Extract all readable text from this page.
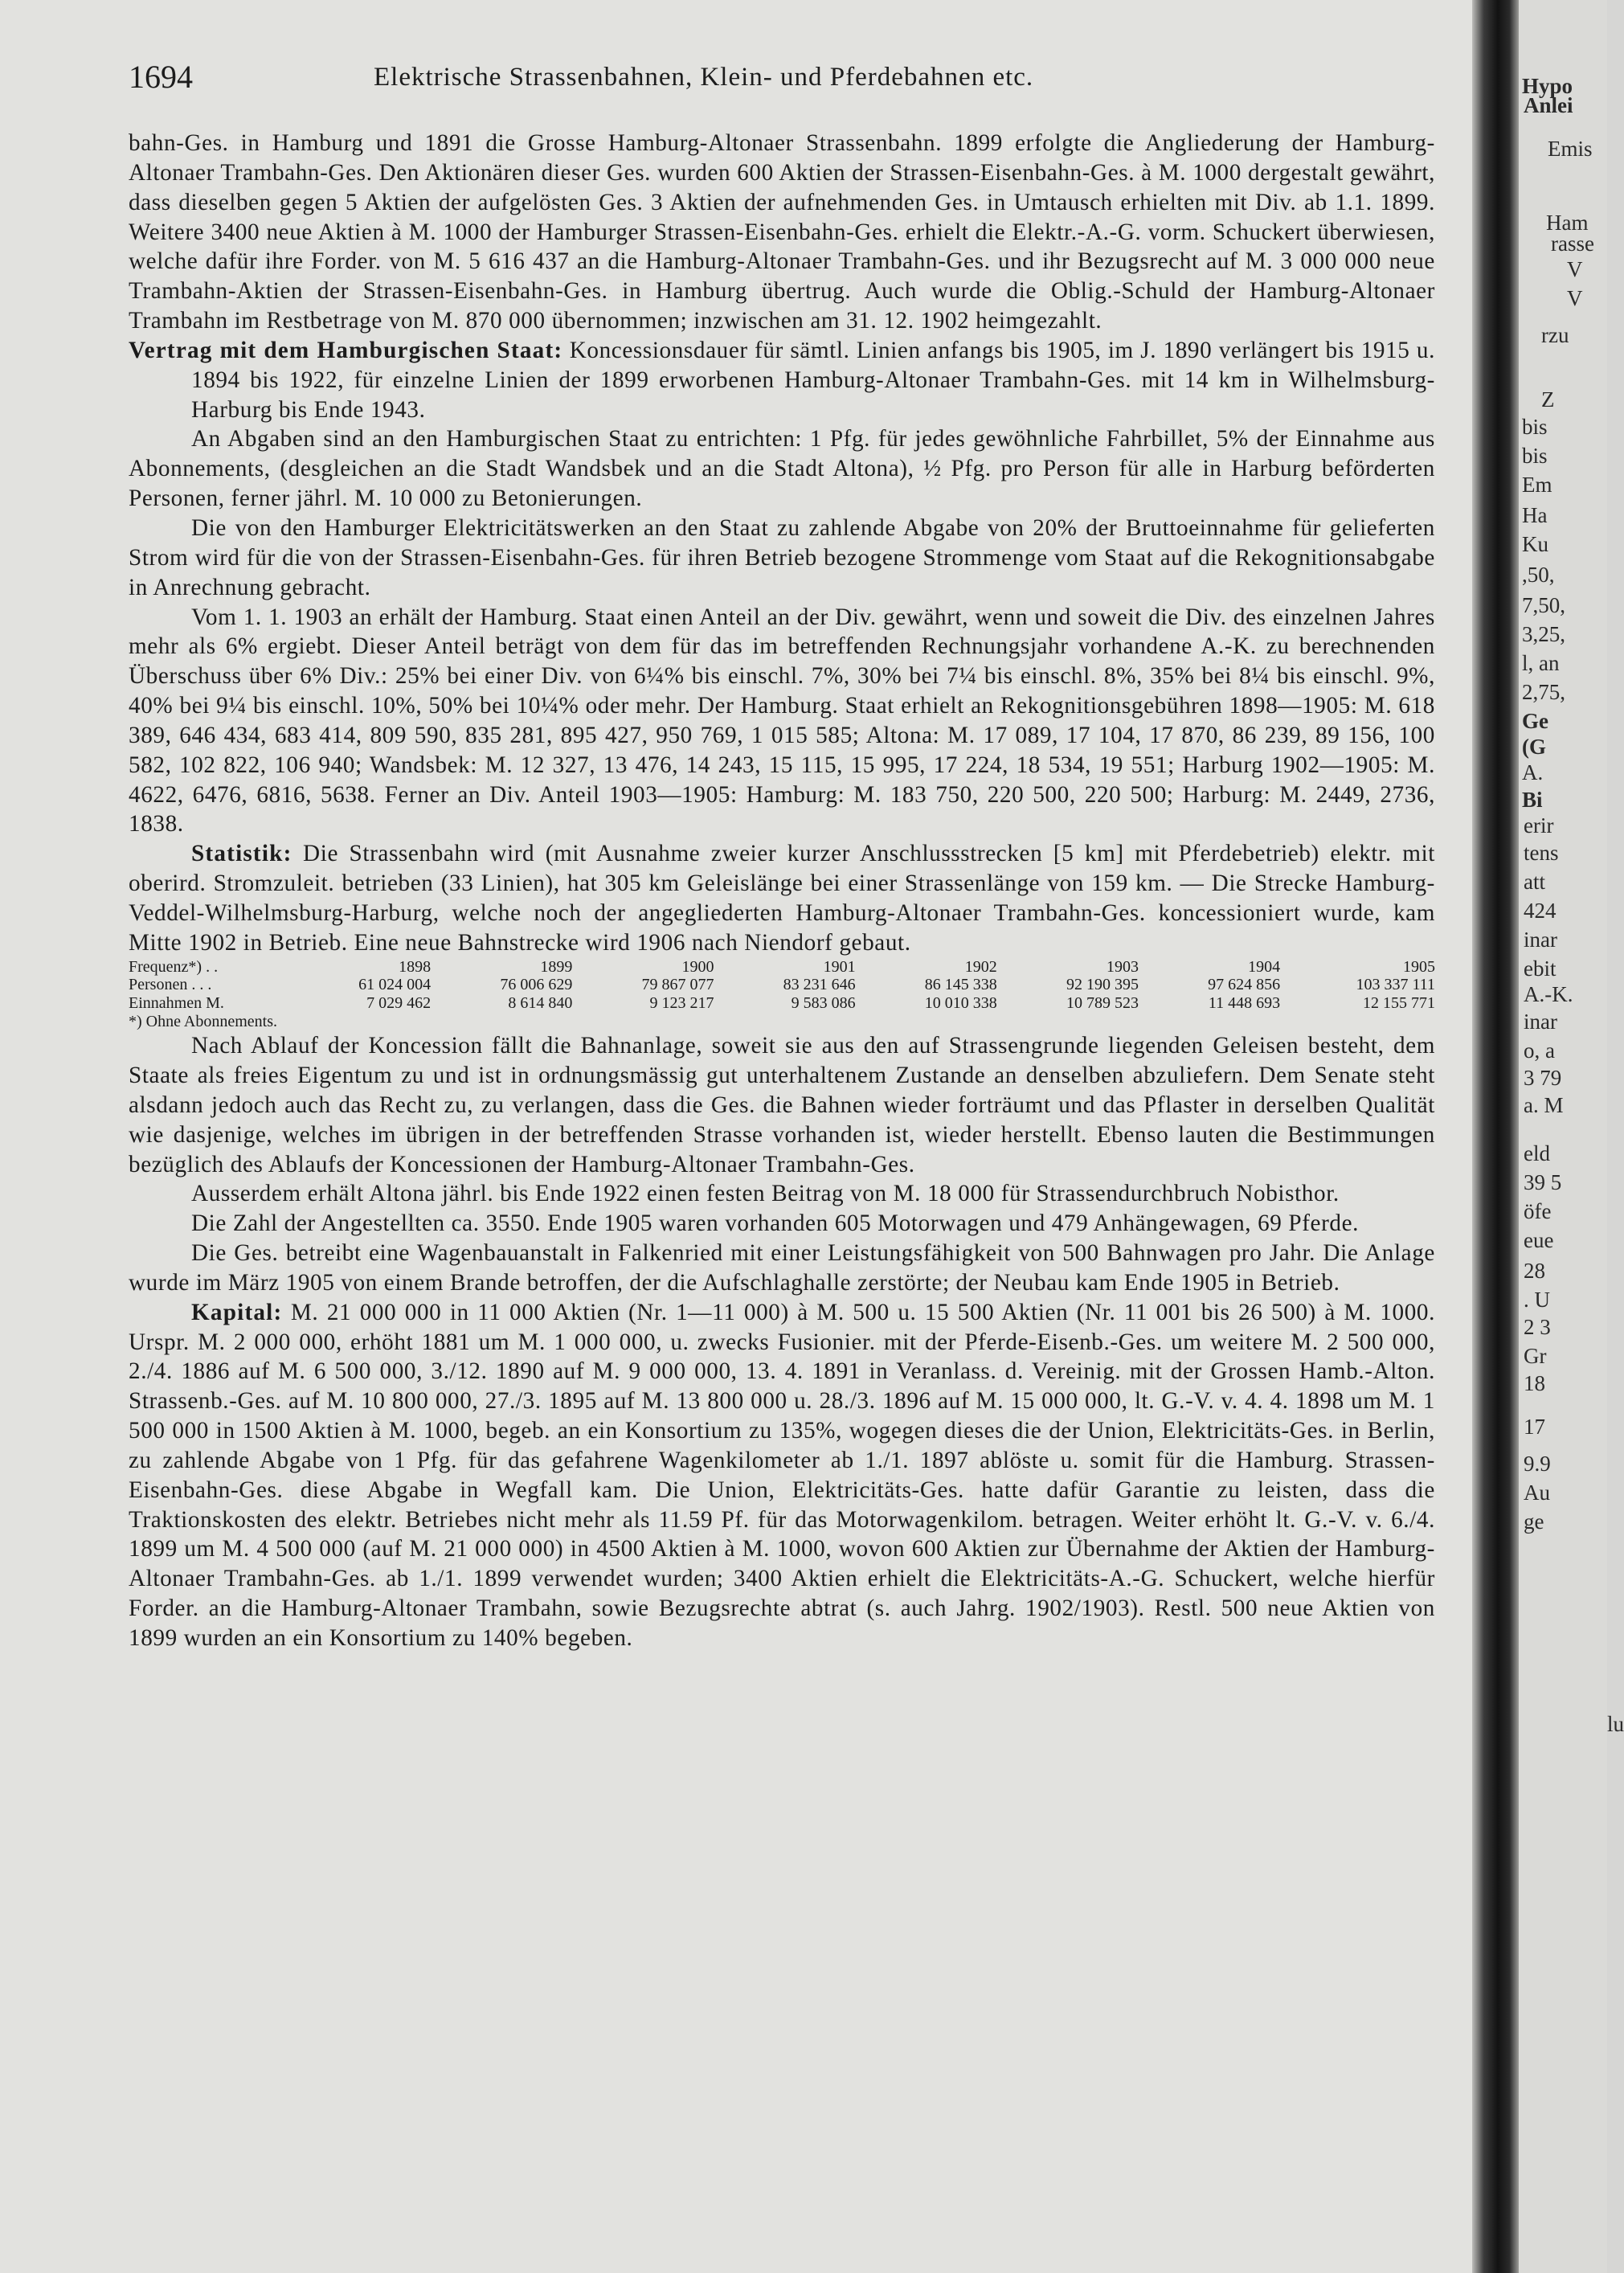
1694	Elektrische Strassenbahnen, Klein- und Pferdebahnen etc.

bahn-Ges. in Hamburg und 1891 die Grosse Hamburg-Altonaer Strassenbahn. 1899 erfolgte die Angliederung der Hamburg-Altonaer Trambahn-Ges. Den Aktionären dieser Ges. wurden 600 Aktien der Strassen-Eisenbahn-Ges. à M. 1000 dergestalt gewährt, dass dieselben gegen 5 Aktien der aufgelösten Ges. 3 Aktien der aufnehmenden Ges. in Umtausch erhielten mit Div. ab 1.1. 1899. Weitere 3400 neue Aktien à M. 1000 der Hamburger Strassen-Eisenbahn-Ges. erhielt die Elektr.-A.-G. vorm. Schuckert überwiesen, welche dafür ihre Forder. von M. 5 616 437 an die Hamburg-Altonaer Trambahn-Ges. und ihr Bezugsrecht auf M. 3 000 000 neue Trambahn-Aktien der Strassen-Eisenbahn-Ges. in Hamburg übertrug. Auch wurde die Oblig.-Schuld der Hamburg-Altonaer Trambahn im Restbetrage von M. 870 000 übernommen; inzwischen am 31. 12. 1902 heimgezahlt.

Vertrag mit dem Hamburgischen Staat: Koncessionsdauer für sämtl. Linien anfangs bis 1905, im J. 1890 verlängert bis 1915 u. 1894 bis 1922, für einzelne Linien der 1899 erworbenen Hamburg-Altonaer Trambahn-Ges. mit 14 km in Wilhelmsburg-Harburg bis Ende 1943.

An Abgaben sind an den Hamburgischen Staat zu entrichten: 1 Pfg. für jedes gewöhnliche Fahrbillet, 5% der Einnahme aus Abonnements, (desgleichen an die Stadt Wandsbek und an die Stadt Altona), ½ Pfg. pro Person für alle in Harburg beförderten Personen, ferner jährl. M. 10 000 zu Betonierungen.

Die von den Hamburger Elektricitätswerken an den Staat zu zahlende Abgabe von 20% der Bruttoeinnahme für gelieferten Strom wird für die von der Strassen-Eisenbahn-Ges. für ihren Betrieb bezogene Strommenge vom Staat auf die Rekognitionsabgabe in Anrechnung gebracht.

Vom 1. 1. 1903 an erhält der Hamburg. Staat einen Anteil an der Div. gewährt, wenn und soweit die Div. des einzelnen Jahres mehr als 6% ergiebt. Dieser Anteil beträgt von dem für das im betreffenden Rechnungsjahr vorhandene A.-K. zu berechnenden Überschuss über 6% Div.: 25% bei einer Div. von 6¼% bis einschl. 7%, 30% bei 7¼ bis einschl. 8%, 35% bei 8¼ bis einschl. 9%, 40% bei 9¼ bis einschl. 10%, 50% bei 10¼% oder mehr. Der Hamburg. Staat erhielt an Rekognitionsgebühren 1898—1905: M. 618 389, 646 434, 683 414, 809 590, 835 281, 895 427, 950 769, 1 015 585; Altona: M. 17 089, 17 104, 17 870, 86 239, 89 156, 100 582, 102 822, 106 940; Wandsbek: M. 12 327, 13 476, 14 243, 15 115, 15 995, 17 224, 18 534, 19 551; Harburg 1902—1905: M. 4622, 6476, 6816, 5638. Ferner an Div. Anteil 1903—1905: Hamburg: M. 183 750, 220 500, 220 500; Harburg: M. 2449, 2736, 1838.

Statistik: Die Strassenbahn wird (mit Ausnahme zweier kurzer Anschlussstrecken [5 km] mit Pferdebetrieb) elektr. mit oberird. Stromzuleit. betrieben (33 Linien), hat 305 km Geleislänge bei einer Strassenlänge von 159 km. — Die Strecke Hamburg-Veddel-Wilhelmsburg-Harburg, welche noch der angegliederten Hamburg-Altonaer Trambahn-Ges. koncessioniert wurde, kam Mitte 1902 in Betrieb. Eine neue Bahnstrecke wird 1906 nach Niendorf gebaut.

Frequenz*) . .	1898	1899	1900	1901	1902	1903	1904	1905
Personen . . .	61 024 004	76 006 629	79 867 077	83 231 646	86 145 338	92 190 395	97 624 856	103 337 111
Einnahmen M.	7 029 462	8 614 840	9 123 217	9 583 086	10 010 338	10 789 523	11 448 693	12 155 771
*) Ohne Abonnements.

Nach Ablauf der Koncession fällt die Bahnanlage, soweit sie aus den auf Strassengrunde liegenden Geleisen besteht, dem Staate als freies Eigentum zu und ist in ordnungsmässig gut unterhaltenem Zustande an denselben abzuliefern. Dem Senate steht alsdann jedoch auch das Recht zu, zu verlangen, dass die Ges. die Bahnen wieder forträumt und das Pflaster in derselben Qualität wie dasjenige, welches im übrigen in der betreffenden Strasse vorhanden ist, wieder herstellt. Ebenso lauten die Bestimmungen bezüglich des Ablaufs der Koncessionen der Hamburg-Altonaer Trambahn-Ges.

Ausserdem erhält Altona jährl. bis Ende 1922 einen festen Beitrag von M. 18 000 für Strassendurchbruch Nobisthor.

Die Zahl der Angestellten ca. 3550. Ende 1905 waren vorhanden 605 Motorwagen und 479 Anhängewagen, 69 Pferde.

Die Ges. betreibt eine Wagenbauanstalt in Falkenried mit einer Leistungsfähigkeit von 500 Bahnwagen pro Jahr. Die Anlage wurde im März 1905 von einem Brande betroffen, der die Aufschlaghalle zerstörte; der Neubau kam Ende 1905 in Betrieb.

Kapital: M. 21 000 000 in 11 000 Aktien (Nr. 1—11 000) à M. 500 u. 15 500 Aktien (Nr. 11 001 bis 26 500) à M. 1000. Urspr. M. 2 000 000, erhöht 1881 um M. 1 000 000, u. zwecks Fusionier. mit der Pferde-Eisenb.-Ges. um weitere M. 2 500 000, 2./4. 1886 auf M. 6 500 000, 3./12. 1890 auf M. 9 000 000, 13. 4. 1891 in Veranlass. d. Vereinig. mit der Grossen Hamb.-Alton. Strassenb.-Ges. auf M. 10 800 000, 27./3. 1895 auf M. 13 800 000 u. 28./3. 1896 auf M. 15 000 000, lt. G.-V. v. 4. 4. 1898 um M. 1 500 000 in 1500 Aktien à M. 1000, begeb. an ein Konsortium zu 135%, wogegen dieses die der Union, Elektricitäts-Ges. in Berlin, zu zahlende Abgabe von 1 Pfg. für das gefahrene Wagenkilometer ab 1./1. 1897 ablöste u. somit für die Hamburg. Strassen-Eisenbahn-Ges. diese Abgabe in Wegfall kam. Die Union, Elektricitäts-Ges. hatte dafür Garantie zu leisten, dass die Traktionskosten des elektr. Betriebes nicht mehr als 11.59 Pf. für das Motorwagenkilom. betragen. Weiter erhöht lt. G.-V. v. 6./4. 1899 um M. 4 500 000 (auf M. 21 000 000) in 4500 Aktien à M. 1000, wovon 600 Aktien zur Übernahme der Aktien der Hamburg-Altonaer Trambahn-Ges. ab 1./1. 1899 verwendet wurden; 3400 Aktien erhielt die Elektricitäts-A.-G. Schuckert, welche hierfür Forder. an die Hamburg-Altonaer Trambahn, sowie Bezugsrechte abtrat (s. auch Jahrg. 1902/1903). Restl. 500 neue Aktien von 1899 wurden an ein Konsortium zu 140% begeben.

Hypo
Anlei
Emis
Ham
rasse
V
V
rzu
Z
bis
bis
Em
Ha
Ku
,50,
7,50,
3,25,
l, an
2,75,
Ge
(G
A.
Bi
erir
tens
att
424
inar
ebit
A.-K.
inar
o, a
3 79
a. M
eld
39 5
öfe
eue
28
. U
2 3
Gr
18
17
9.9
Au
ge
lu
